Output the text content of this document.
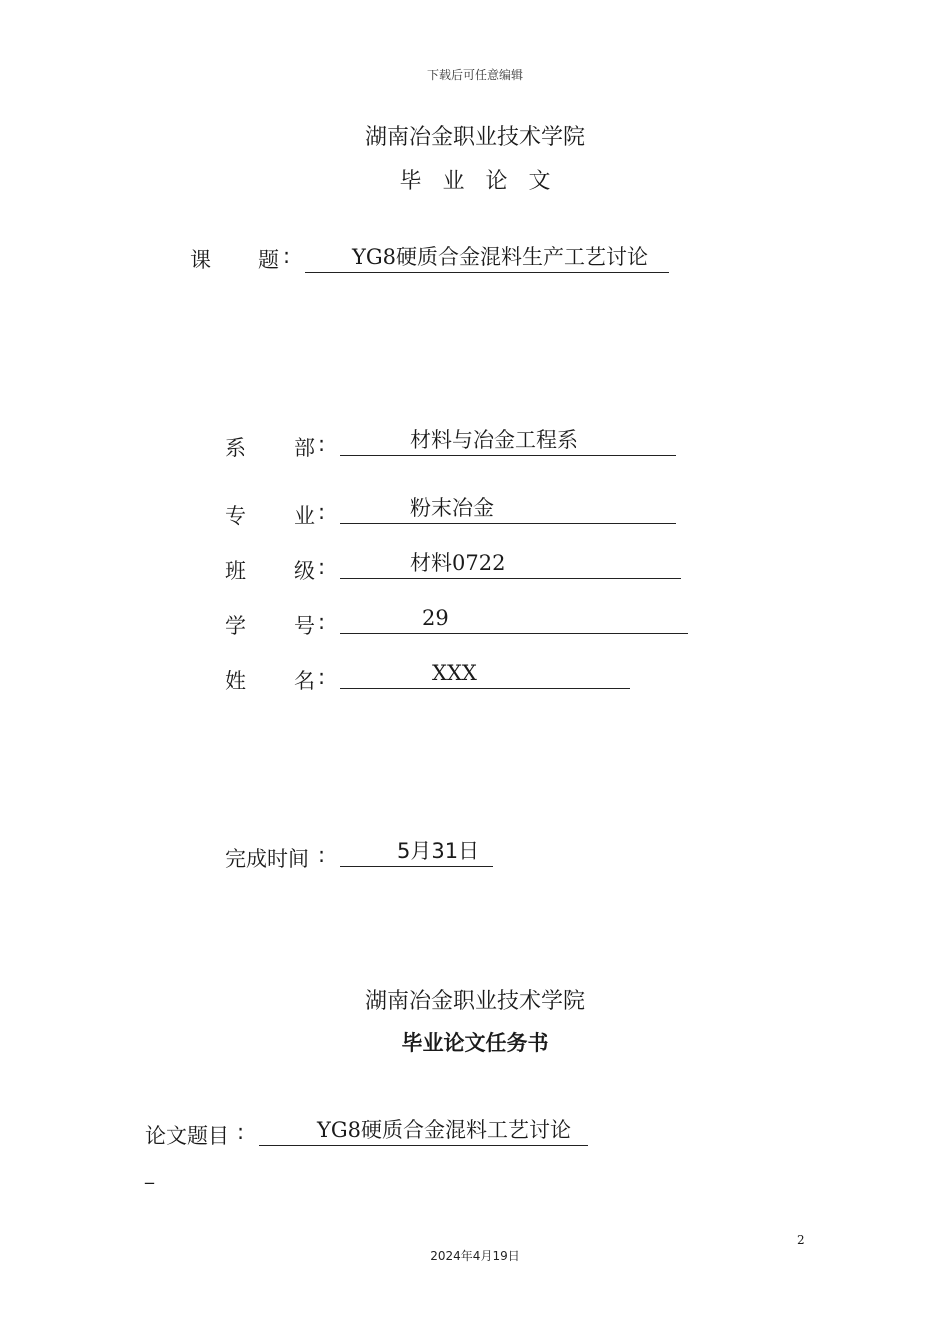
下载后可任意编辑
湖南冶金职业技术学院
毕 业 论 文
课 题 :	YG8硬质合金混料生产工艺讨论
系 部 :	材料与冶金工程系
专 业 :	粉末冶金
班 级 :	材料0722
学 号 :	29
姓 名 :	XXX
完成时间 :	5月31日
湖南冶金职业技术学院
毕业论文任务书
论文题目 :	YG8硬质合金混料工艺讨论
_
2
2024年4月19日
